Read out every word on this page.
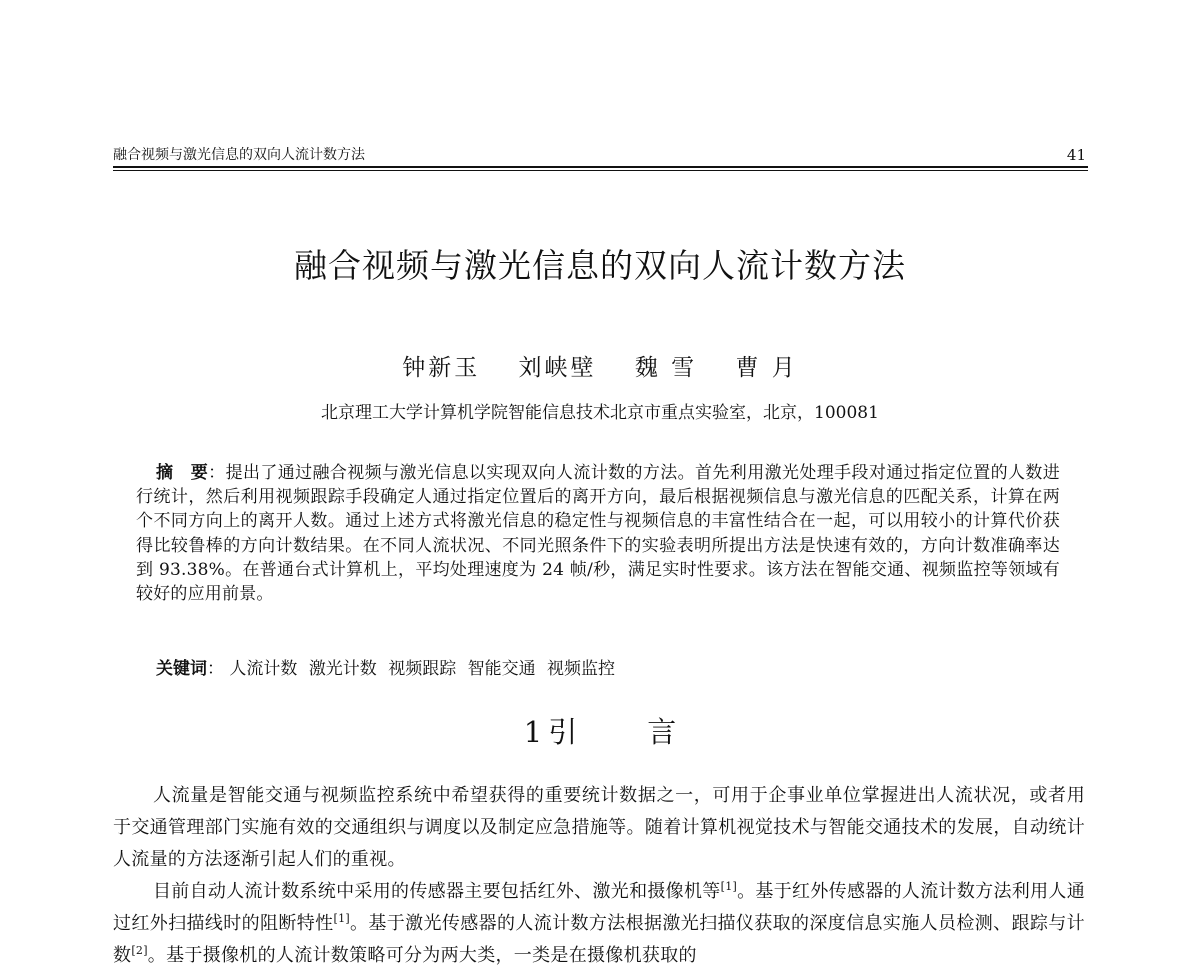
融合视频与激光信息的双向人流计数方法	41
融合视频与激光信息的双向人流计数方法
钟新玉 刘峡壁 魏 雪 曹 月
北京理工大学计算机学院智能信息技术北京市重点实验室，北京，100081
摘　要：提出了通过融合视频与激光信息以实现双向人流计数的方法。首先利用激光处理手段对通过指定位置的人数进行统计，然后利用视频跟踪手段确定人通过指定位置后的离开方向，最后根据视频信息与激光信息的匹配关系，计算在两个不同方向上的离开人数。通过上述方式将激光信息的稳定性与视频信息的丰富性结合在一起，可以用较小的计算代价获得比较鲁棒的方向计数结果。在不同人流状况、不同光照条件下的实验表明所提出方法是快速有效的，方向计数准确率达到 93.38%。在普通台式计算机上，平均处理速度为 24 帧/秒，满足实时性要求。该方法在智能交通、视频监控等领域有较好的应用前景。
关键词： 人流计数 激光计数 视频跟踪 智能交通 视频监控
1 引 言

人流量是智能交通与视频监控系统中希望获得的重要统计数据之一，可用于企事业单位掌握进出人流状况，或者用于交通管理部门实施有效的交通组织与调度以及制定应急措施等。随着计算机视觉技术与智能交通技术的发展，自动统计人流量的方法逐渐引起人们的重视。

目前自动人流计数系统中采用的传感器主要包括红外、激光和摄像机等[1]。基于红外传感器的人流计数方法利用人通过红外扫描线时的阻断特性[1]。基于激光传感器的人流计数方法根据激光扫描仪获取的深度信息实施人员检测、跟踪与计数[2]。基于摄像机的人流计数策略可分为两大类，一类是在摄像机获取的
